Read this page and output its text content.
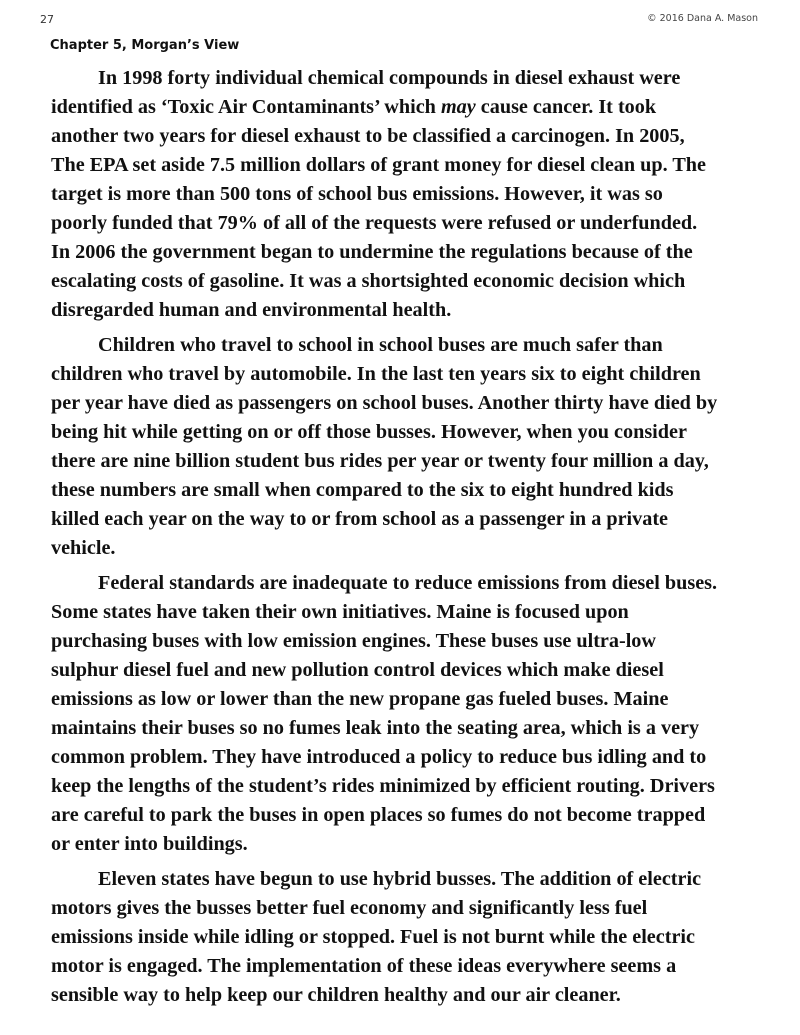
27	© 2016 Dana A. Mason
Chapter 5, Morgan’s View

In 1998 forty individual chemical compounds in diesel exhaust were
identified as ‘Toxic Air Contaminants’ which may cause cancer. It took
another two years for diesel exhaust to be classified a carcinogen. In 2005,
The EPA set aside 7.5 million dollars of grant money for diesel clean up. The
target is more than 500 tons of school bus emissions. However, it was so
poorly funded that 79% of all of the requests were refused or underfunded.
In 2006 the government began to undermine the regulations because of the
escalating costs of gasoline. It was a shortsighted economic decision which
disregarded human and environmental health.

Children who travel to school in school buses are much safer than
children who travel by automobile. In the last ten years six to eight children
per year have died as passengers on school buses. Another thirty have died by
being hit while getting on or off those busses. However, when you consider
there are nine billion student bus rides per year or twenty four million a day,
these numbers are small when compared to the six to eight hundred kids
killed each year on the way to or from school as a passenger in a private
vehicle.

Federal standards are inadequate to reduce emissions from diesel buses.
Some states have taken their own initiatives. Maine is focused upon
purchasing buses with low emission engines. These buses use ultra-low
sulphur diesel fuel and new pollution control devices which make diesel
emissions as low or lower than the new propane gas fueled buses. Maine
maintains their buses so no fumes leak into the seating area, which is a very
common problem. They have introduced a policy to reduce bus idling and to
keep the lengths of the student’s rides minimized by efficient routing. Drivers
are careful to park the buses in open places so fumes do not become trapped
or enter into buildings.

Eleven states have begun to use hybrid busses. The addition of electric
motors gives the busses better fuel economy and significantly less fuel
emissions inside while idling or stopped. Fuel is not burnt while the electric
motor is engaged. The implementation of these ideas everywhere seems a
sensible way to help keep our children healthy and our air cleaner.
